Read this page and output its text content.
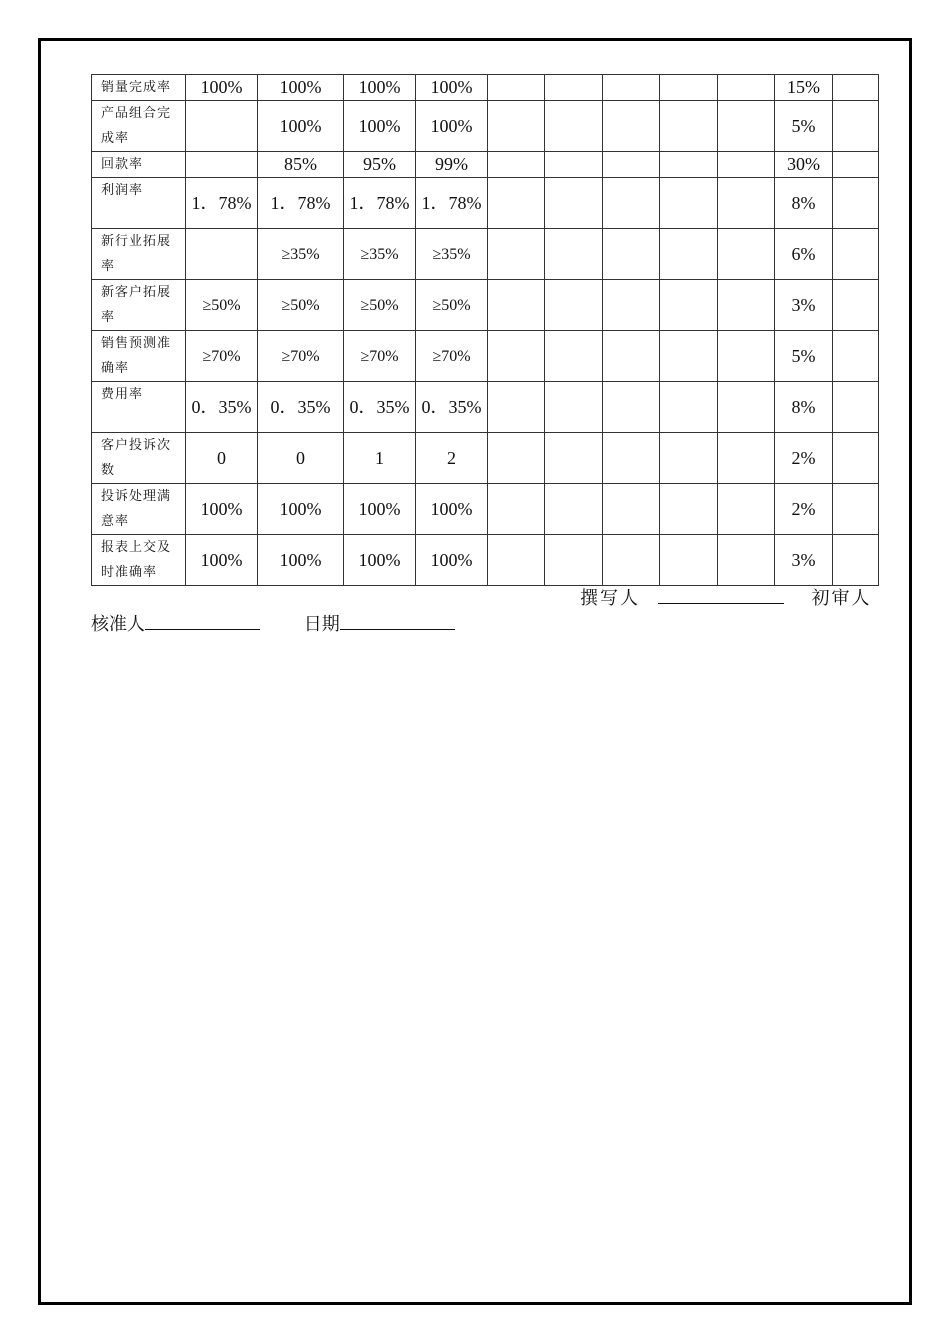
销量完成率	100%	100%	100%	100%						15%	
产品组合完成率		100%	100%	100%						5%	
回款率		85%	95%	99%						30%	
利润率	1．78%	1．78%	1．78%	1．78%						8%	
新行业拓展率		≥35%	≥35%	≥35%						6%	
新客户拓展率	≥50%	≥50%	≥50%	≥50%						3%	
销售预测准确率	≥70%	≥70%	≥70%	≥70%						5%	
费用率	0．35%	0．35%	0．35%	0．35%						8%	
客户投诉次数	0	0	1	2						2%	
投诉处理满意率	100%	100%	100%	100%						2%	
报表上交及时准确率	100%	100%	100%	100%						3%	
撰写人	初审人
核准人	日期
